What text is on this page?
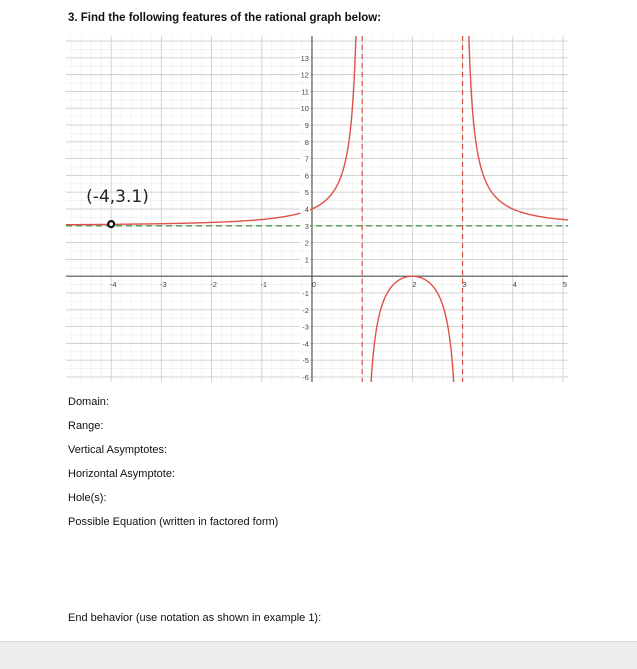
3. Find the following features of the rational graph below:
-4	-3	-2	-1	0	2	3	4	5
13
12
11
10
9
8
7
6
5
4
3
2
1
-1
-2
-3
-4
-5
-6
(-4,3.1)
Domain:
Range:
Vertical Asymptotes:
Horizontal Asymptote:
Hole(s):
Possible Equation (written in factored form)
End behavior (use notation as shown in example 1):
